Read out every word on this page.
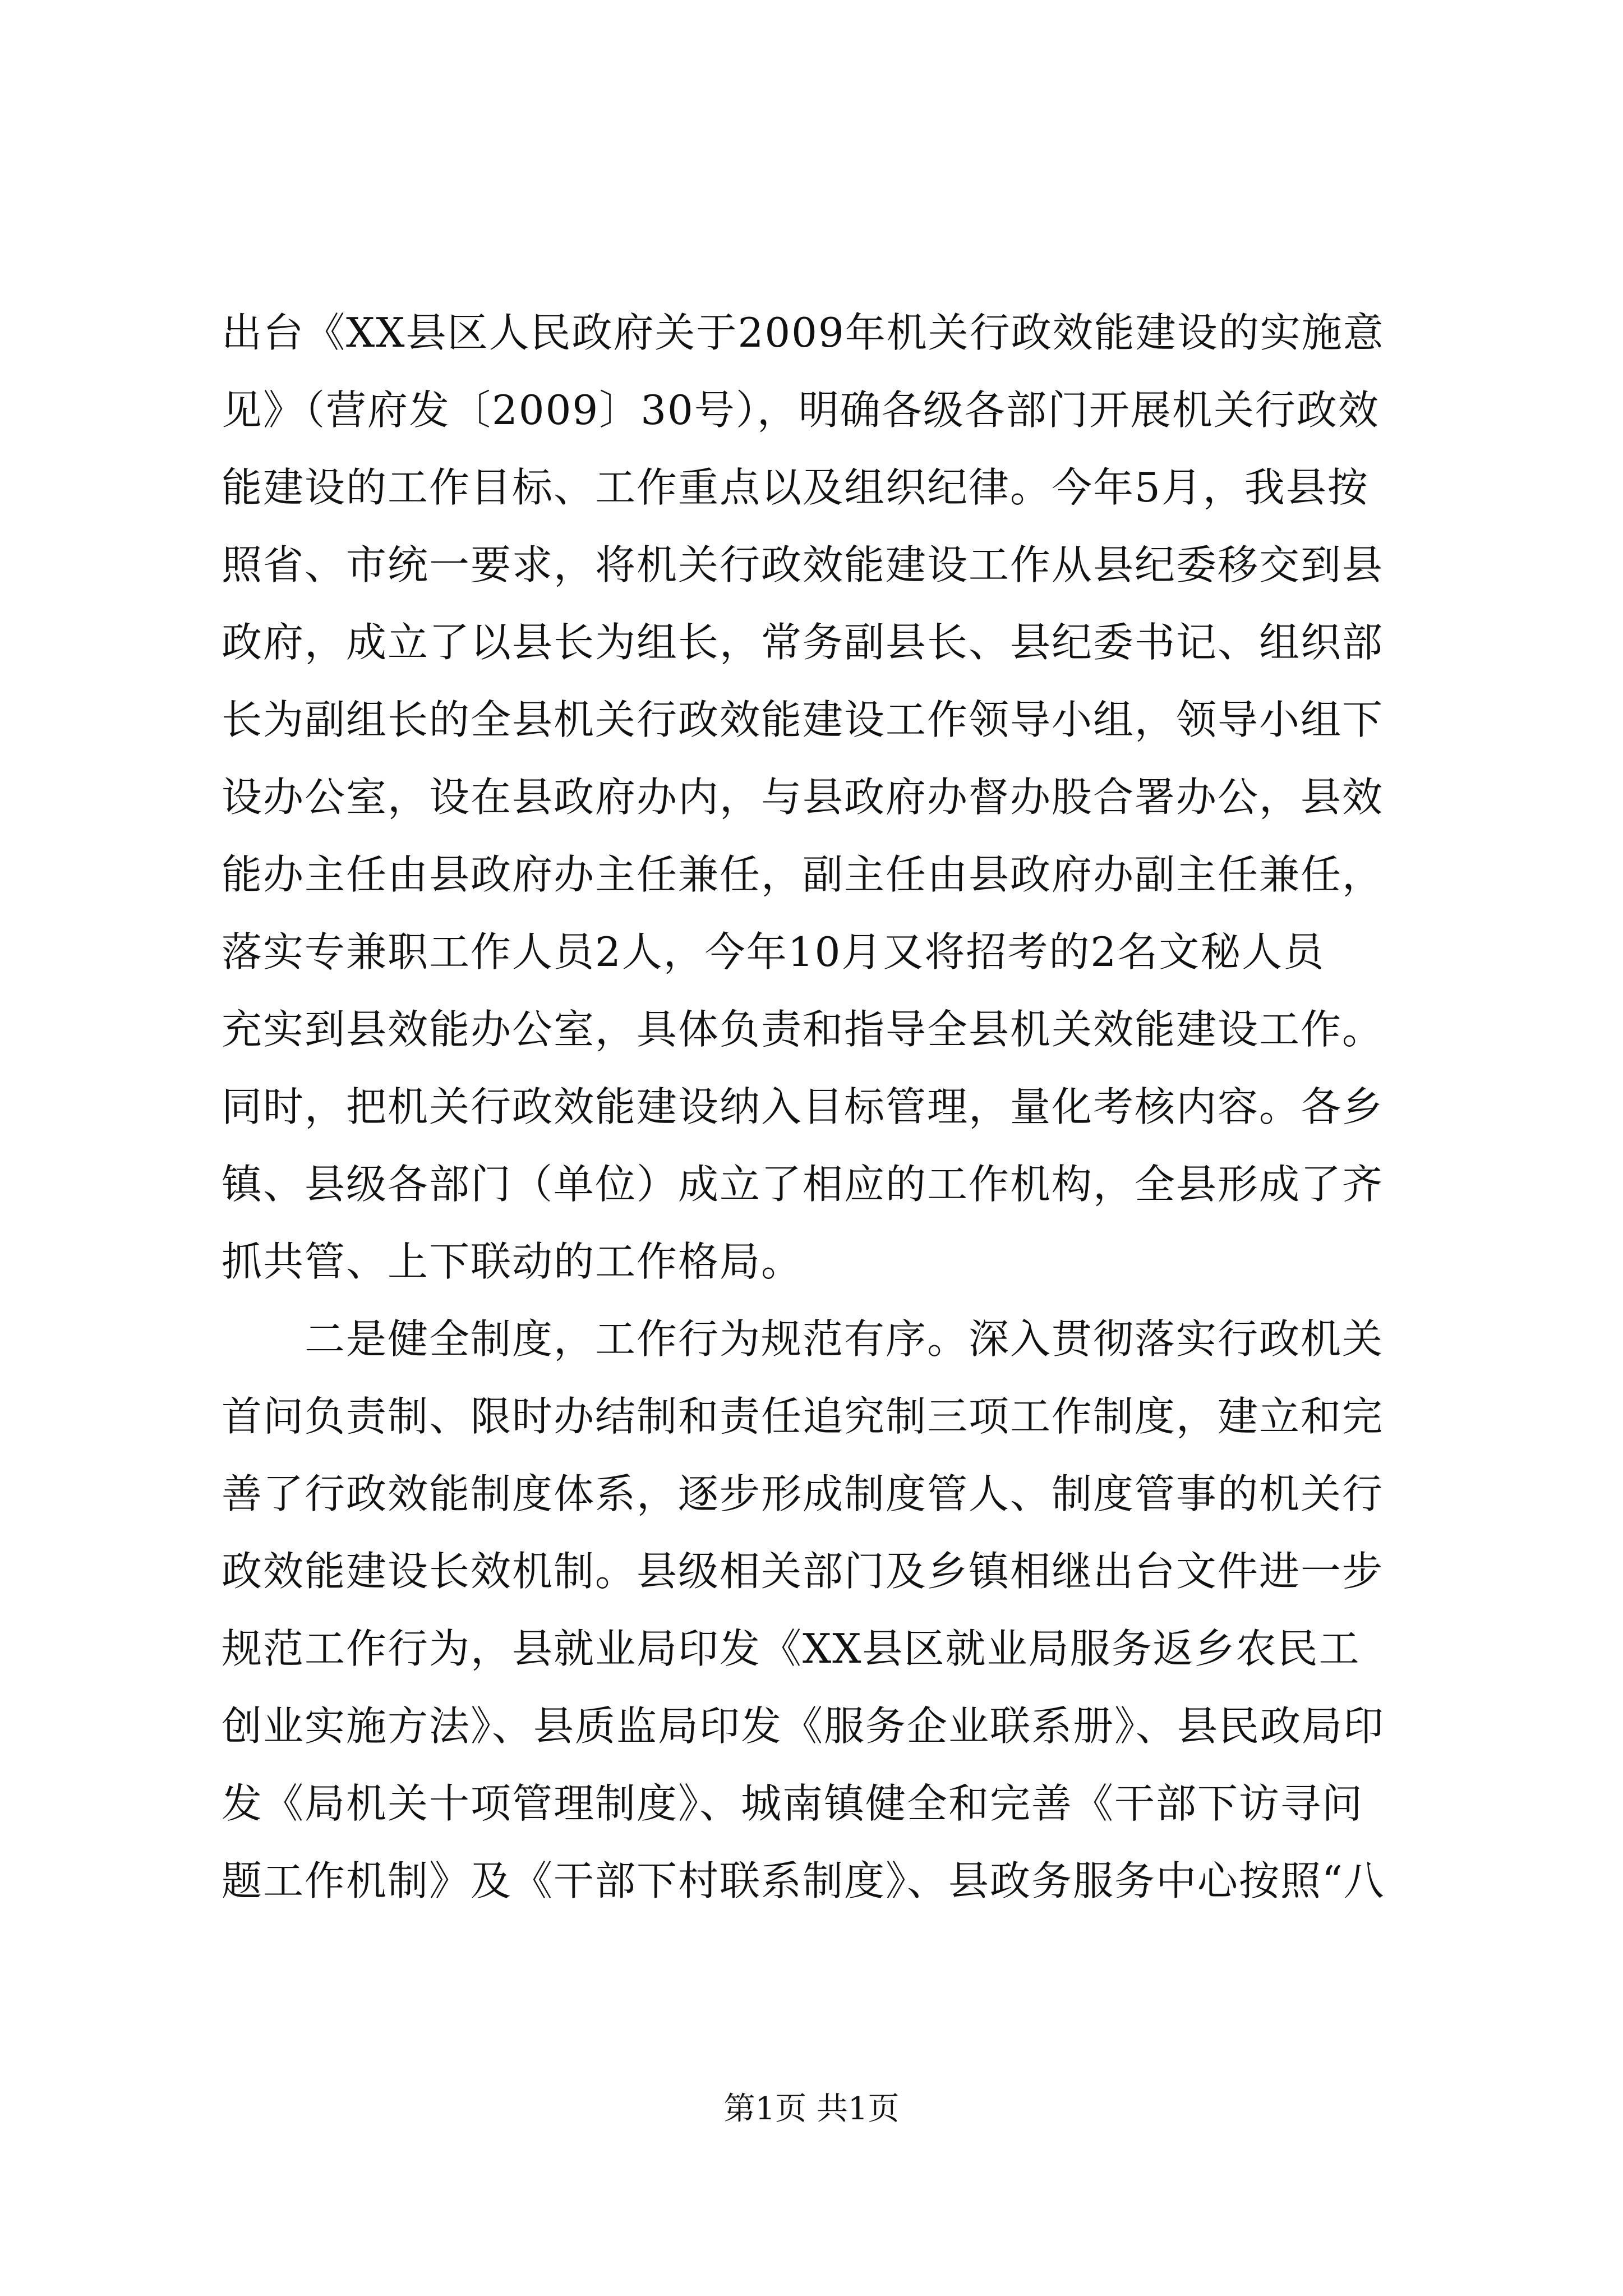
出台《XX县区人民政府关于2009年机关行政效能建设的实施意
见》（营府发〔2009〕30号），明确各级各部门开展机关行政效
能建设的工作目标、工作重点以及组织纪律。今年5月，我县按
照省、市统一要求，将机关行政效能建设工作从县纪委移交到县
政府，成立了以县长为组长，常务副县长、县纪委书记、组织部
长为副组长的全县机关行政效能建设工作领导小组，领导小组下
设办公室，设在县政府办内，与县政府办督办股合署办公，县效
能办主任由县政府办主任兼任，副主任由县政府办副主任兼任，
落实专兼职工作人员2人，今年10月又将招考的2名文秘人员
充实到县效能办公室，具体负责和指导全县机关效能建设工作。
同时，把机关行政效能建设纳入目标管理，量化考核内容。各乡
镇、县级各部门（单位）成立了相应的工作机构，全县形成了齐
抓共管、上下联动的工作格局。
　　二是健全制度，工作行为规范有序。深入贯彻落实行政机关
首问负责制、限时办结制和责任追究制三项工作制度，建立和完
善了行政效能制度体系，逐步形成制度管人、制度管事的机关行
政效能建设长效机制。县级相关部门及乡镇相继出台文件进一步
规范工作行为，县就业局印发《XX县区就业局服务返乡农民工
创业实施方法》、县质监局印发《服务企业联系册》、县民政局印
发《局机关十项管理制度》、城南镇健全和完善《干部下访寻问
题工作机制》及《干部下村联系制度》、县政务服务中心按照“八
第1页 共1页
